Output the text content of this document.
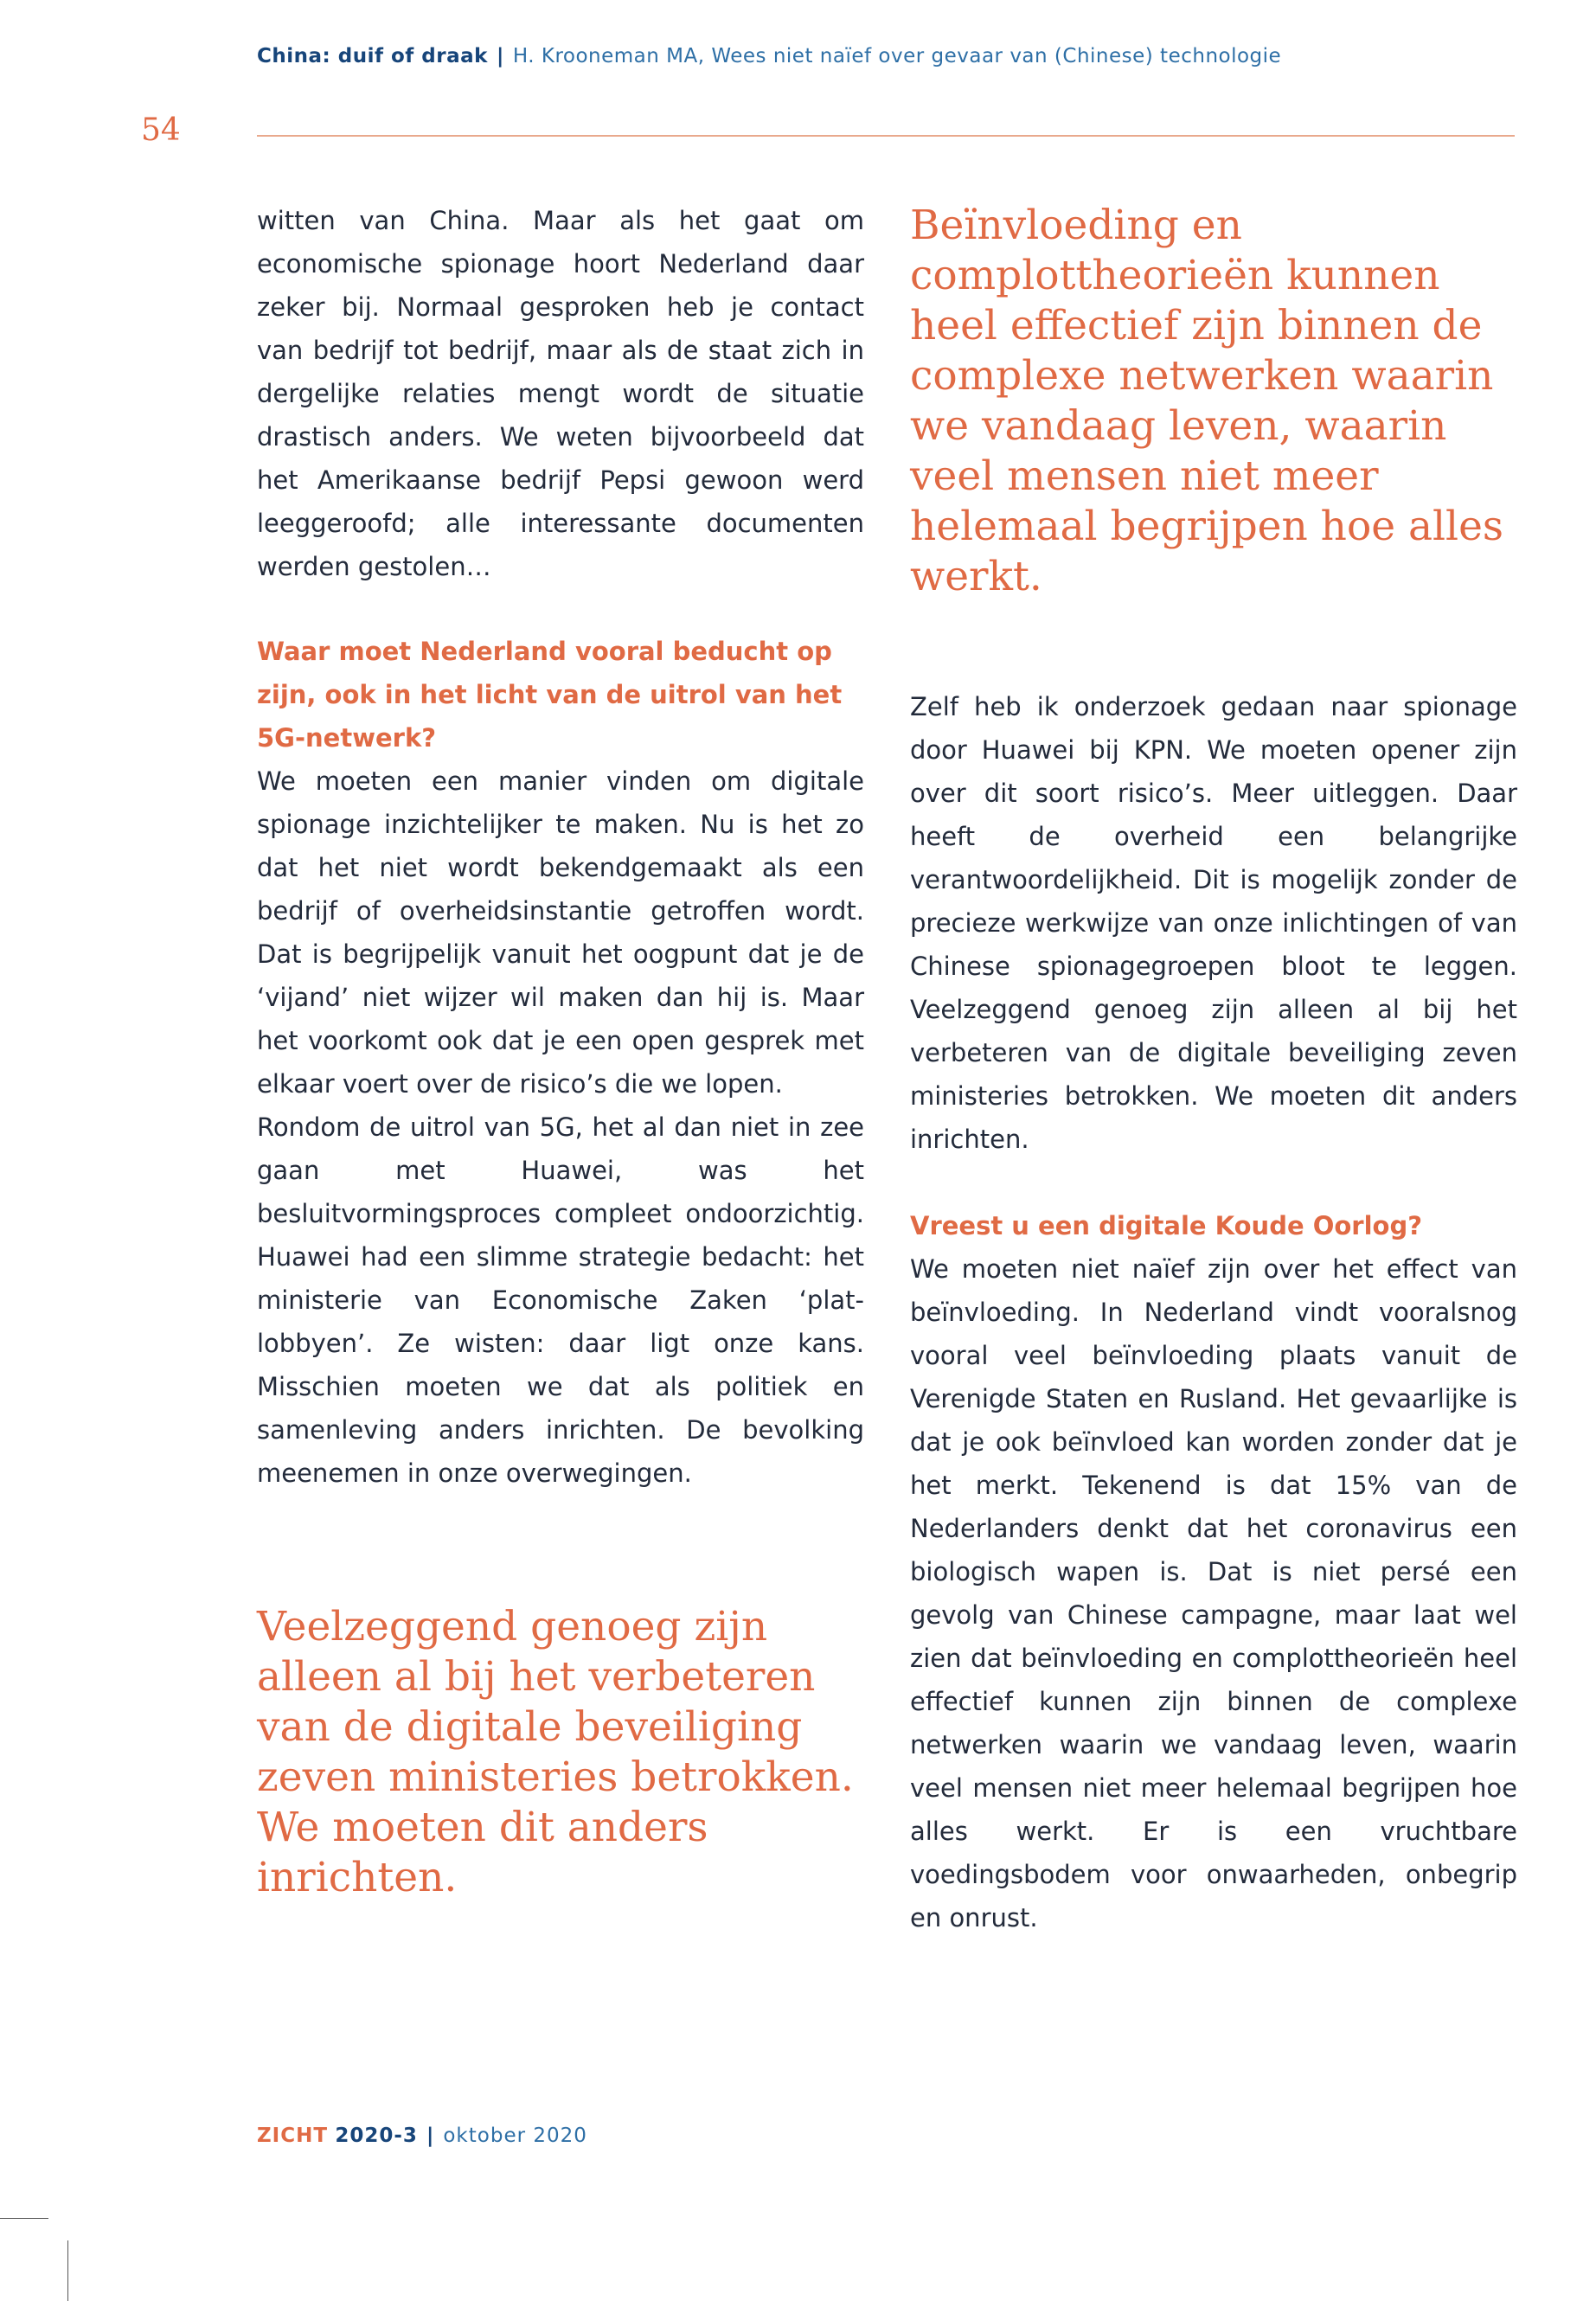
China: duif of draak | H. Krooneman MA, Wees niet naïef over gevaar van (Chinese) technologie
54

witten van China. Maar als het gaat om economische spionage hoort Nederland daar zeker bij. Normaal gesproken heb je contact van bedrijf tot bedrijf, maar als de staat zich in dergelijke relaties mengt wordt de situatie drastisch anders. We weten bijvoorbeeld dat het Amerikaanse bedrijf Pepsi gewoon werd leeggeroofd; alle interessante documenten werden gestolen…

Waar moet Nederland vooral beducht op zijn, ook in het licht van de uitrol van het 5G-netwerk?

We moeten een manier vinden om digitale spionage inzichtelijker te maken. Nu is het zo dat het niet wordt bekendgemaakt als een bedrijf of overheidsinstantie getroffen wordt. Dat is begrijpelijk vanuit het oogpunt dat je de ‘vijand’ niet wijzer wil maken dan hij is. Maar het voorkomt ook dat je een open gesprek met elkaar voert over de risico’s die we lopen.

Rondom de uitrol van 5G, het al dan niet in zee gaan met Huawei, was het besluitvormingsproces compleet ondoorzichtig. Huawei had een slimme strategie bedacht: het ministerie van Economische Zaken ‘plat-lobbyen’. Ze wisten: daar ligt onze kans. Misschien moeten we dat als politiek en samenleving anders inrichten. De bevolking meenemen in onze overwegingen.

Veelzeggend genoeg zijn alleen al bij het verbeteren van de digitale beveiliging zeven ministeries betrokken. We moeten dit anders inrichten.

Beïnvloeding en complottheorieën kunnen heel effectief zijn binnen de complexe netwerken waarin we vandaag leven, waarin veel mensen niet meer helemaal begrijpen hoe alles werkt.

Zelf heb ik onderzoek gedaan naar spionage door Huawei bij KPN. We moeten opener zijn over dit soort risico’s. Meer uitleggen. Daar heeft de overheid een belangrijke verantwoordelijkheid. Dit is mogelijk zonder de precieze werkwijze van onze inlichtingen of van Chinese spionagegroepen bloot te leggen. Veelzeggend genoeg zijn alleen al bij het verbeteren van de digitale beveiliging zeven ministeries betrokken. We moeten dit anders inrichten.

Vreest u een digitale Koude Oorlog?

We moeten niet naïef zijn over het effect van beïnvloeding. In Nederland vindt vooralsnog vooral veel beïnvloeding plaats vanuit de Verenigde Staten en Rusland. Het gevaarlijke is dat je ook beïnvloed kan worden zonder dat je het merkt. Tekenend is dat 15% van de Nederlanders denkt dat het coronavirus een biologisch wapen is. Dat is niet persé een gevolg van Chinese campagne, maar laat wel zien dat beïnvloeding en complottheorieën heel effectief kunnen zijn binnen de complexe netwerken waarin we vandaag leven, waarin veel mensen niet meer helemaal begrijpen hoe alles werkt. Er is een vruchtbare voedingsbodem voor onwaarheden, onbegrip en onrust.

ZICHT 2020-3 | oktober 2020
